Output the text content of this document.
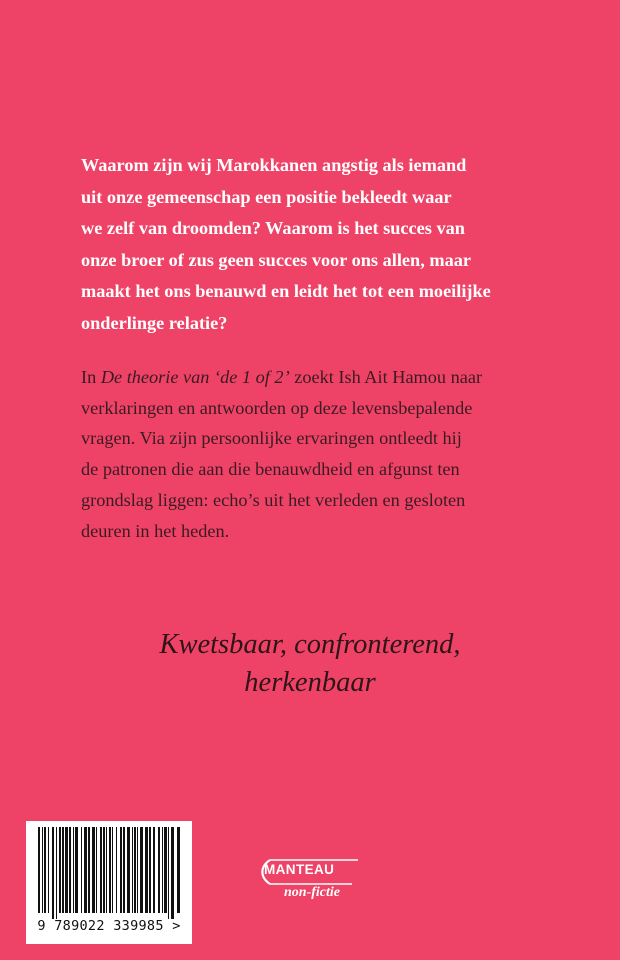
Waarom zijn wij Marokkanen angstig als iemand
uit onze gemeenschap een positie bekleedt waar
we zelf van droomden? Waarom is het succes van
onze broer of zus geen succes voor ons allen, maar
maakt het ons benauwd en leidt het tot een moeilijke
onderlinge relatie?

In De theorie van ‘de 1 of 2’ zoekt Ish Ait Hamou naar
verklaringen en antwoorden op deze levensbepalende
vragen. Via zijn persoonlijke ervaringen ontleedt hij
de patronen die aan die benauwdheid en afgunst ten
grondslag liggen: echo’s uit het verleden en gesloten
deuren in het heden.

Kwetsbaar, confronterend,
herkenbaar
9 789022 339985 >
MANTEAU
non-fictie
